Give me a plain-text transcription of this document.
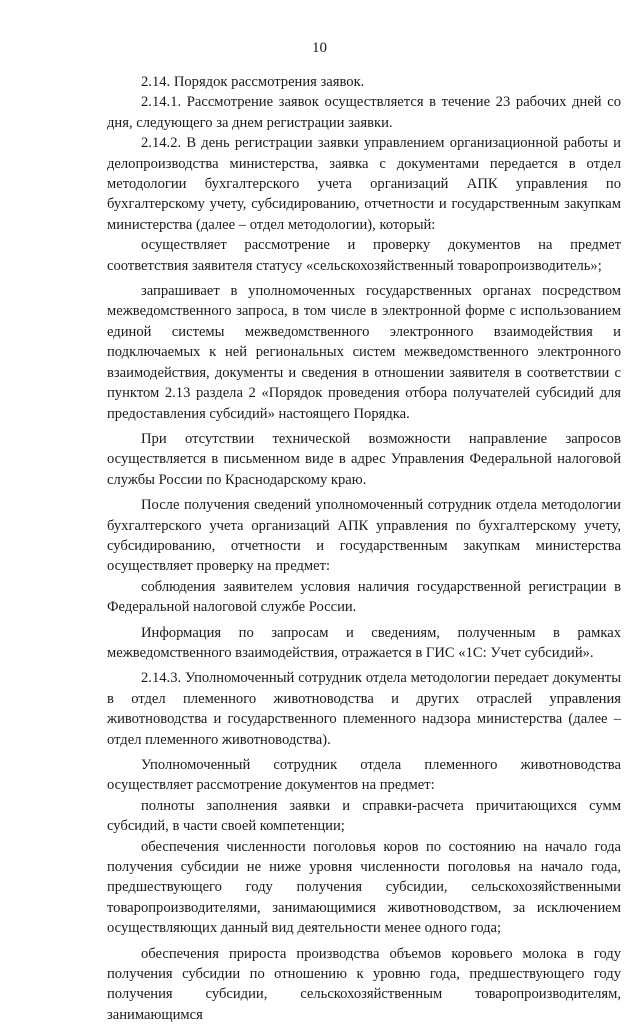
10

2.14. Порядок рассмотрения заявок.

2.14.1. Рассмотрение заявок осуществляется в течение 23 рабочих дней со дня, следующего за днем регистрации заявки.

2.14.2. В день регистрации заявки управлением организационной работы и делопроизводства министерства, заявка с документами передается в отдел методологии бухгалтерского учета организаций АПК управления по бухгалтерскому учету, субсидированию, отчетности и государственным закупкам министерства (далее – отдел методологии), который:

осуществляет рассмотрение и проверку документов на предмет соответствия заявителя статусу «сельскохозяйственный товаропроизводитель»;

запрашивает в уполномоченных государственных органах посредством межведомственного запроса, в том числе в электронной форме с использованием единой системы межведомственного электронного взаимодействия и подключаемых к ней региональных систем межведомственного электронного взаимодействия, документы и сведения в отношении заявителя в соответствии с пунктом 2.13 раздела 2 «Порядок проведения отбора получателей субсидий для предоставления субсидий» настоящего Порядка.

При отсутствии технической возможности направление запросов осуществляется в письменном виде в адрес Управления Федеральной налоговой службы России по Краснодарскому краю.

После получения сведений уполномоченный сотрудник отдела методологии бухгалтерского учета организаций АПК управления по бухгалтерскому учету, субсидированию, отчетности и государственным закупкам министерства осуществляет проверку на предмет:

соблюдения заявителем условия наличия государственной регистрации в Федеральной налоговой службе России.

Информация по запросам и сведениям, полученным в рамках межведомственного взаимодействия, отражается в ГИС «1С: Учет субсидий».

2.14.3. Уполномоченный сотрудник отдела методологии передает документы в отдел племенного животноводства и других отраслей управления животноводства и государственного племенного надзора министерства (далее – отдел племенного животноводства).

Уполномоченный сотрудник отдела племенного животноводства осуществляет рассмотрение документов на предмет:

полноты заполнения заявки и справки-расчета причитающихся сумм субсидий, в части своей компетенции;

обеспечения численности поголовья коров по состоянию на начало года получения субсидии не ниже уровня численности поголовья на начало года, предшествующего году получения субсидии, сельскохозяйственными товаропроизводителями, занимающимися животноводством, за исключением осуществляющих данный вид деятельности менее одного года;

обеспечения прироста производства объемов коровьего молока в году получения субсидии по отношению к уровню года, предшествующего году получения субсидии, сельскохозяйственным товаропроизводителям, занимающимся
